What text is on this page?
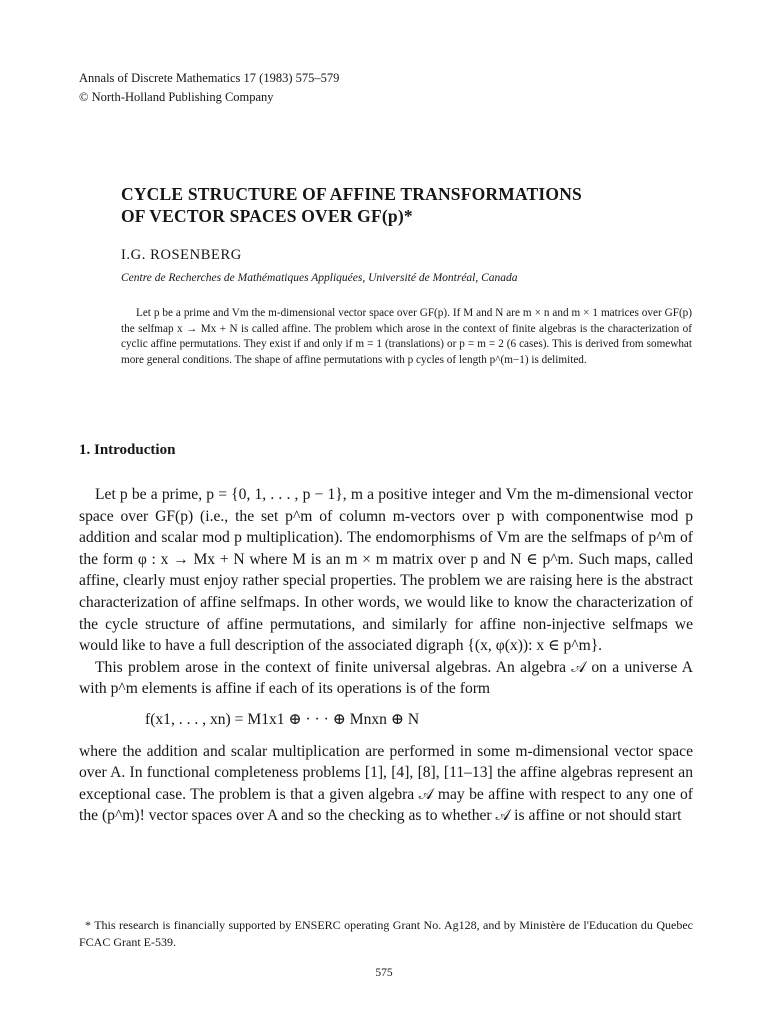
Annals of Discrete Mathematics 17 (1983) 575–579
© North-Holland Publishing Company
CYCLE STRUCTURE OF AFFINE TRANSFORMATIONS
OF VECTOR SPACES OVER GF(p)*
I.G. ROSENBERG
Centre de Recherches de Mathématiques Appliquées, Université de Montréal, Canada

Let p be a prime and Vm the m-dimensional vector space over GF(p). If M and N are m × n and m × 1 matrices over GF(p) the selfmap x → Mx + N is called affine. The problem which arose in the context of finite algebras is the characterization of cyclic affine permutations. They exist if and only if m = 1 (translations) or p = m = 2 (6 cases). This is derived from somewhat more general conditions. The shape of affine permutations with p cycles of length p^(m−1) is delimited.

1. Introduction

Let p be a prime, p = {0, 1, . . . , p − 1}, m a positive integer and Vm the m-dimensional vector space over GF(p) (i.e., the set p^m of column m-vectors over p with componentwise mod p addition and scalar mod p multiplication). The endomorphisms of Vm are the selfmaps of p^m of the form φ : x → Mx + N where M is an m × m matrix over p and N ∈ p^m. Such maps, called affine, clearly must enjoy rather special properties. The problem we are raising here is the abstract characterization of affine selfmaps. In other words, we would like to know the characterization of the cycle structure of affine permutations, and similarly for affine non-injective selfmaps we would like to have a full description of the associated digraph {(x, φ(x)): x ∈ p^m}.

This problem arose in the context of finite universal algebras. An algebra 𝒜 on a universe A with p^m elements is affine if each of its operations is of the form

f(x1, . . . , xn) = M1x1 ⊕ · · · ⊕ Mnxn ⊕ N

where the addition and scalar multiplication are performed in some m-dimensional vector space over A. In functional completeness problems [1], [4], [8], [11–13] the affine algebras represent an exceptional case. The problem is that a given algebra 𝒜 may be affine with respect to any one of the (p^m)! vector spaces over A and so the checking as to whether 𝒜 is affine or not should start

* This research is financially supported by ENSERC operating Grant No. Ag128, and by Ministère de l'Education du Quebec FCAC Grant E-539.

575
